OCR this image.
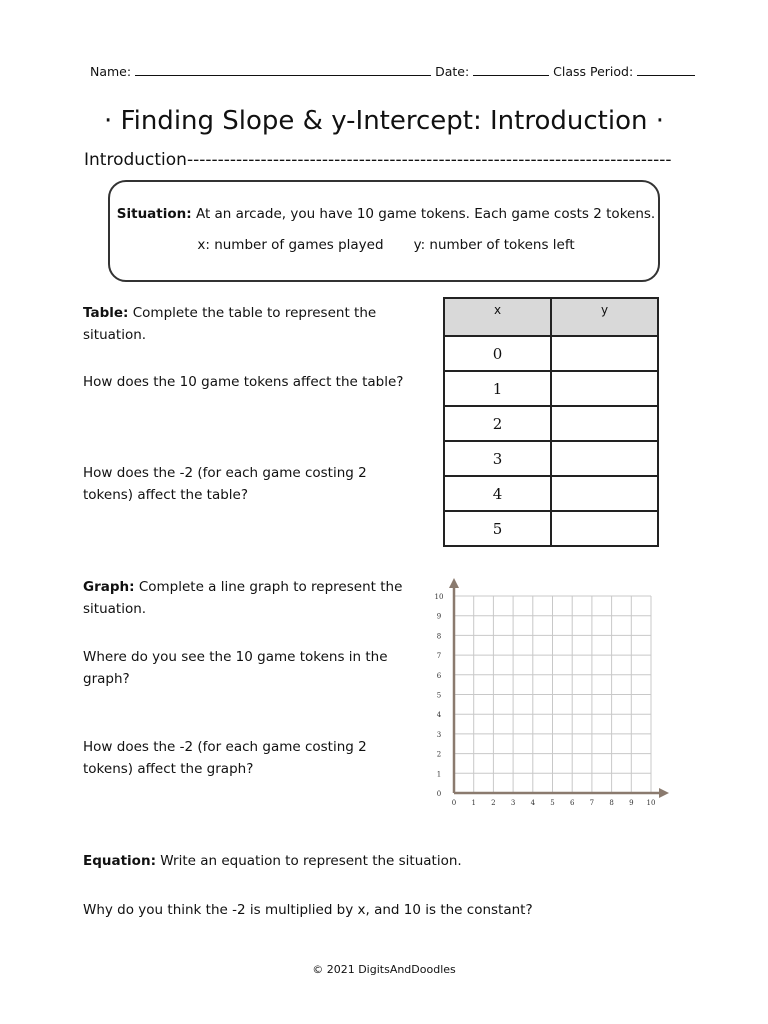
Name:	Date:	Class Period:
· Finding Slope & y-Intercept: Introduction ·
Introduction-------------------------------------------------------------------------------
Situation: At an arcade, you have 10 game tokens. Each game costs 2 tokens.
x: number of games played y: number of tokens left
Table: Complete the table to represent the situation.
How does the 10 game tokens affect the table?
How does the -2 (for each game costing 2 tokens) affect the table?
x	y
0	
1	
2	
3	
4	
5	
Graph: Complete a line graph to represent the situation.
Where do you see the 10 game tokens in the graph?
How does the -2 (for each game costing 2 tokens) affect the graph?
0 1 2 3 4 5 6 7 8 9 10
0
1
2
3
4
5
6
7
8
9
10
Equation: Write an equation to represent the situation.
Why do you think the -2 is multiplied by x, and 10 is the constant?
© 2021 DigitsAndDoodles
